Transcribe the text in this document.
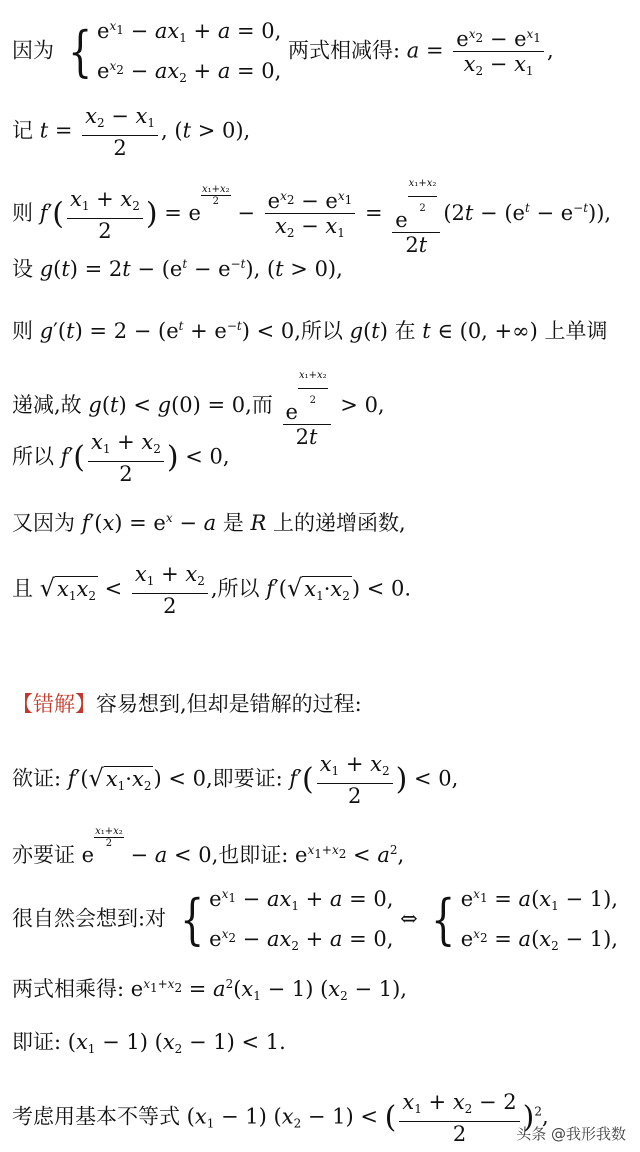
因为 { $e^{x_1} - ax_1 + a = 0$,
$e^{x_2} - ax_2 + a = 0$, 两式相减得: $a = \frac{e^{x_2} - e^{x_1}}{x_2 - x_1}$ ,
记 $t = \frac{x_2 - x_1}{2}$ , (t > 0),
则 $f'( \frac{x_1 + x_2}{2}$ ) = e
$\frac{\text{x₁+x₂}}{2}$
− $\frac{e^{x_2} - e^{x_1}}{x_2 - x_1} = \frac{e \frac{\text{x₁+x₂}}{2}}{2t} (2t - (e^t - e^{-t}))$,
设 $g(t) = 2t - (e^t - e^{-t})$, (t > 0),
则 $g'(t) = 2 - (e^t + e^{-t}) < 0$,所以 g(t) 在 t ∈ (0, +∞) 上单调
递减,故 g(t) < g(0) = 0,而 $\frac{e \frac{\text{x₁+x₂}}{2}}{2t} > 0$,
所以 $f'( \frac{x_1 + x_2}{2}$ ) < 0,
又因为 $f'(x) = e^x - a$ 是 R 上的递增函数,
且 $√x_1x_2 < \frac{x_1 + x_2}{2}$ ,所以 $f'(√x_1\cdot x_2) < 0$.
【错解】容易想到,但却是错解的过程:
欲证: $f'(√x_1\cdot x_2) < 0$,即要证: $f'( \frac{x_1 + x_2}{2}$ ) < 0,
亦要证 e
$\frac{\text{x₁+x₂}}{2}$
− a < 0,也即证: $e^{x_1+x_2} < a^2$,
很自然会想到:对 { $e^{x_1} - ax_1 + a = 0$,
$e^{x_2} - ax_2 + a = 0$, ⇔ { $e^{x_1} = a(x_1 - 1)$,
$e^{x_2} = a(x_2 - 1)$,
两式相乘得: $e^{x_1+x_2} = a^2(x_1 - 1) (x_2 - 1)$,
即证: $(x_1 - 1) (x_2 - 1) < 1$.
考虑用基本不等式 $(x_1 - 1) (x_2 - 1)$ < ( $\frac{x_1 + x_2 - 2}{2} )^2$,
头条 @我形我数
